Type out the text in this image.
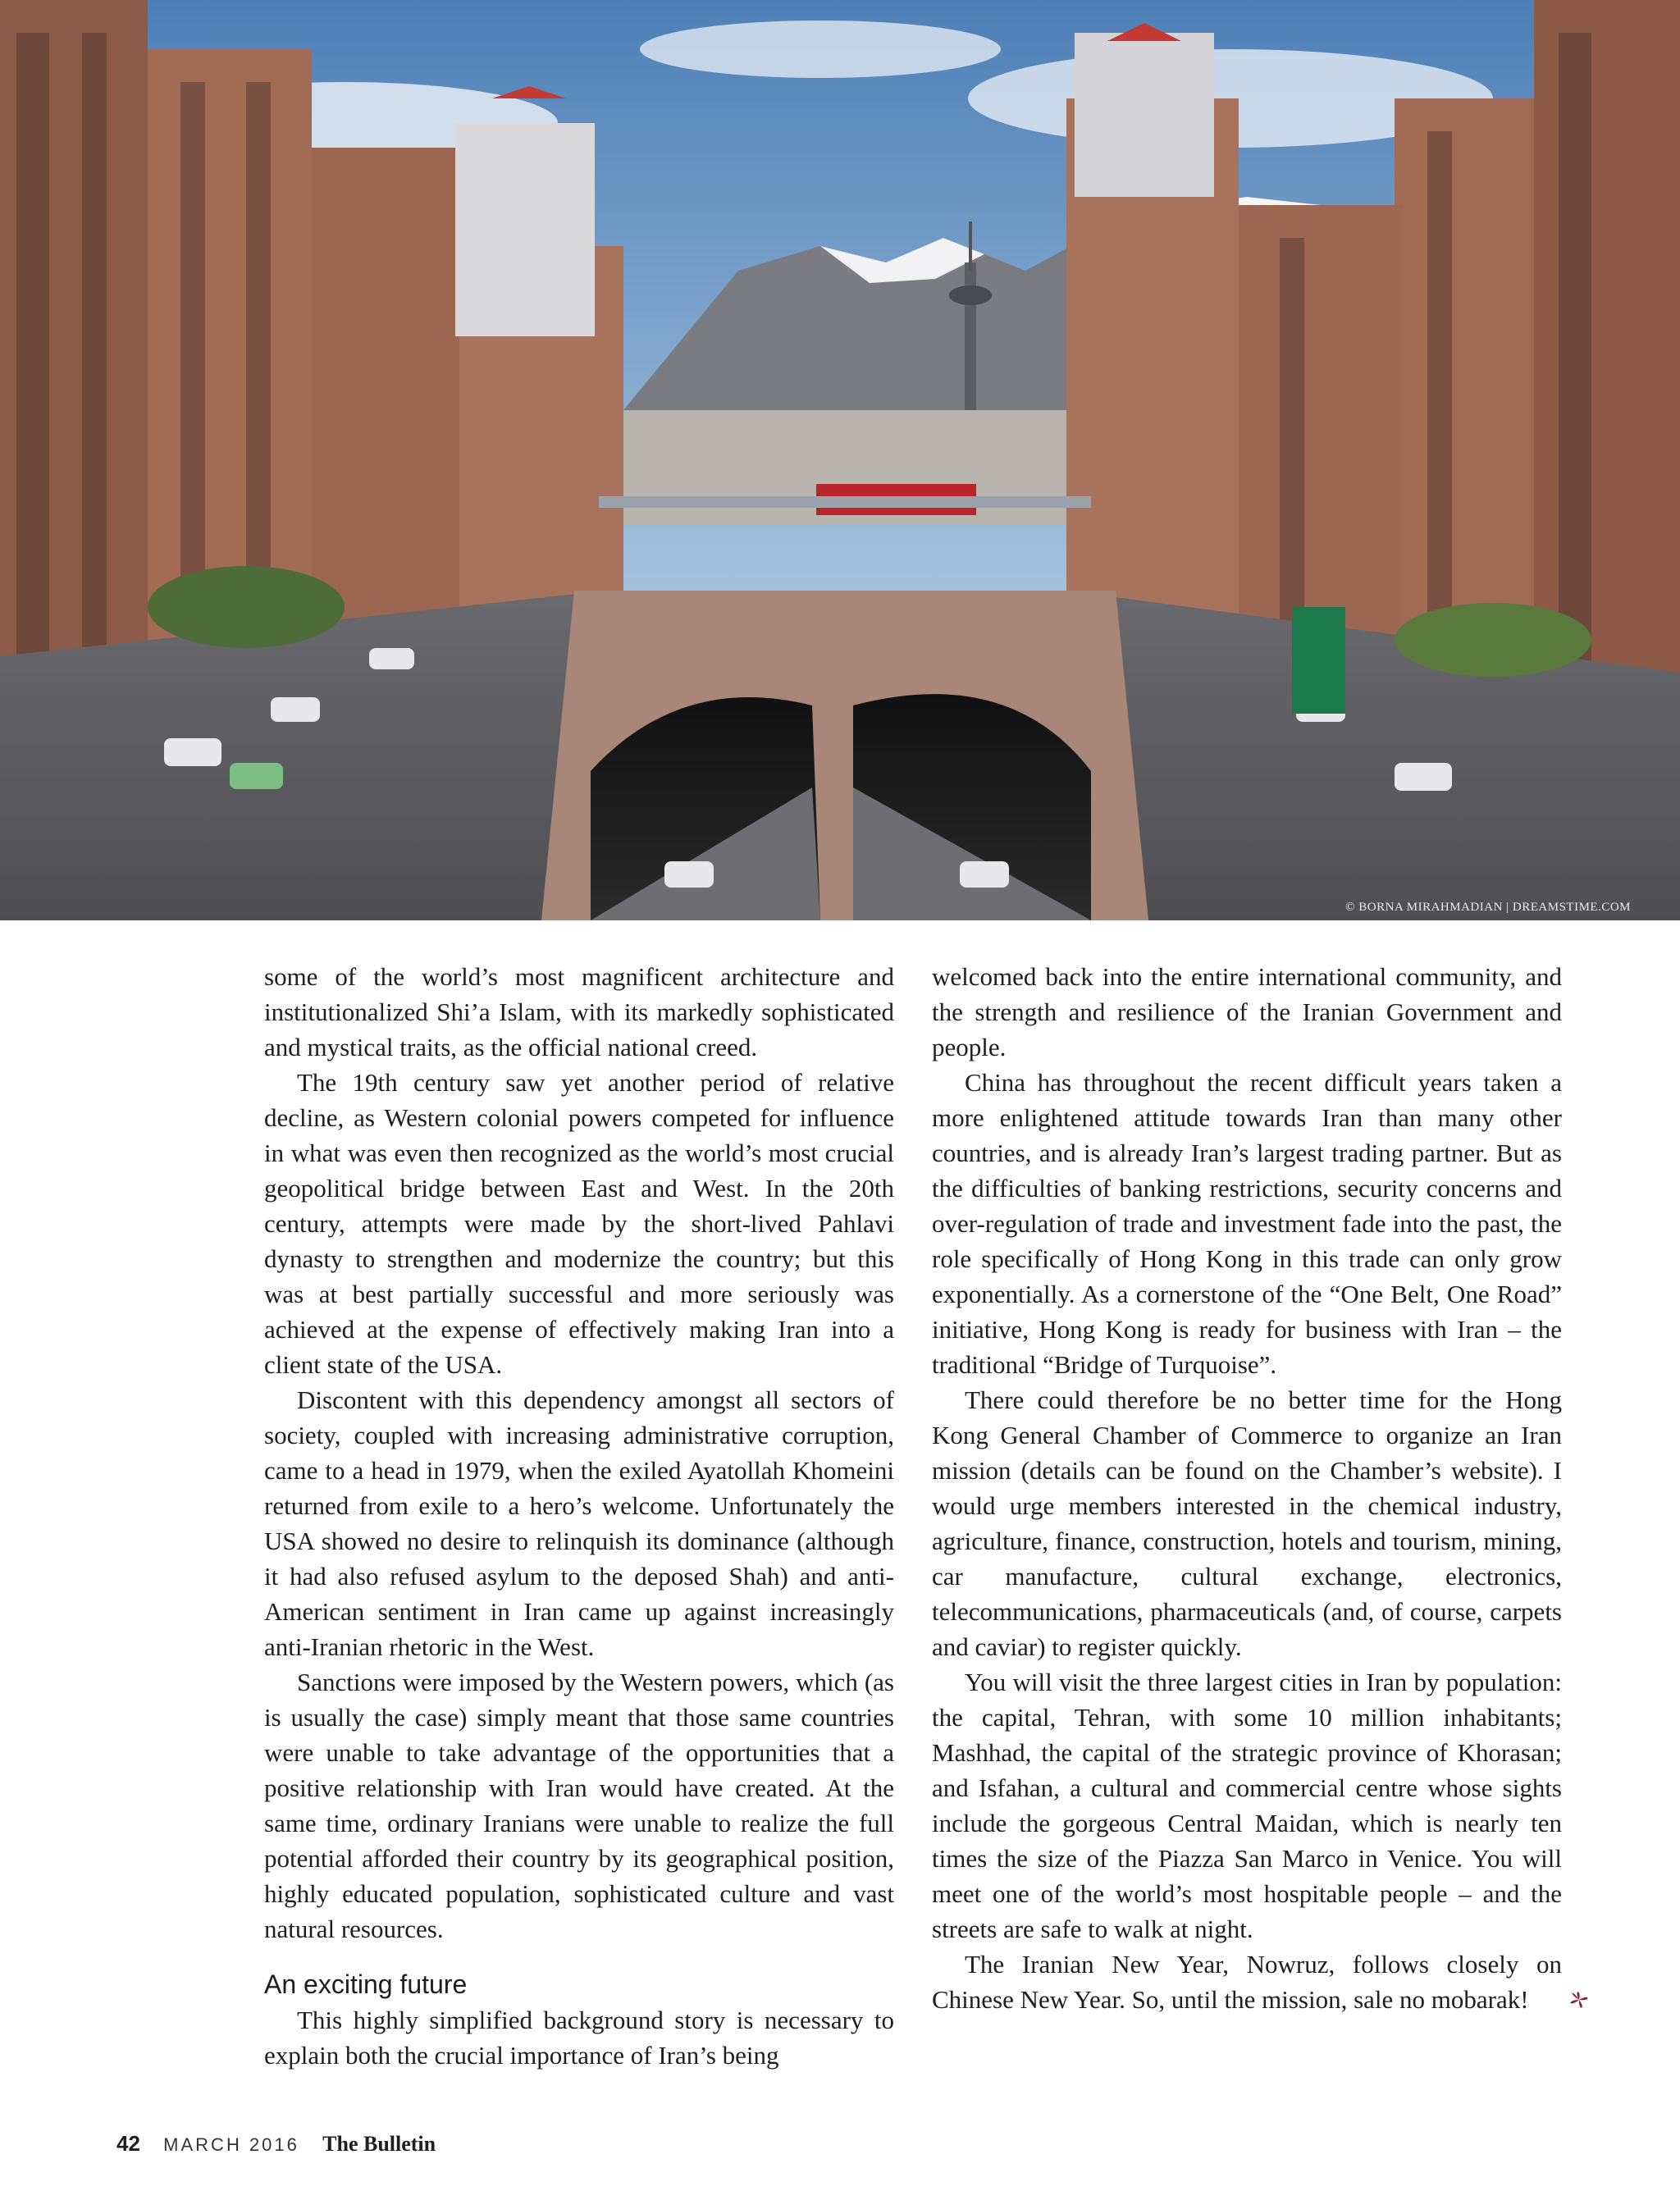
© BORNA MIRAHMADIAN | DREAMSTIME.COM

some of the world’s most magnificent architecture and institutionalized Shi’a Islam, with its markedly sophisticated and mystical traits, as the official national creed.

The 19th century saw yet another period of relative decline, as Western colonial powers competed for influence in what was even then recognized as the world’s most crucial geopolitical bridge between East and West. In the 20th century, attempts were made by the short-lived Pahlavi dynasty to strengthen and modernize the country; but this was at best partially successful and more seriously was achieved at the expense of effectively making Iran into a client state of the USA.

Discontent with this dependency amongst all sectors of society, coupled with increasing administrative corruption, came to a head in 1979, when the exiled Ayatollah Khomeini returned from exile to a hero’s welcome. Unfortunately the USA showed no desire to relinquish its dominance (although it had also refused asylum to the deposed Shah) and anti-American sentiment in Iran came up against increasingly anti-Iranian rhetoric in the West.

Sanctions were imposed by the Western powers, which (as is usually the case) simply meant that those same countries were unable to take advantage of the opportunities that a positive relationship with Iran would have created. At the same time, ordinary Iranians were unable to realize the full potential afforded their country by its geographical position, highly educated population, sophisticated culture and vast natural resources.

An exciting future

This highly simplified background story is necessary to explain both the crucial importance of Iran’s being

welcomed back into the entire international community, and the strength and resilience of the Iranian Government and people.

China has throughout the recent difficult years taken a more enlightened attitude towards Iran than many other countries, and is already Iran’s largest trading partner. But as the difficulties of banking restrictions, security concerns and over-regulation of trade and investment fade into the past, the role specifically of Hong Kong in this trade can only grow exponentially. As a cornerstone of the “One Belt, One Road” initiative, Hong Kong is ready for business with Iran – the traditional “Bridge of Turquoise”.

There could therefore be no better time for the Hong Kong General Chamber of Commerce to organize an Iran mission (details can be found on the Chamber’s website). I would urge members interested in the chemical industry, agriculture, finance, construction, hotels and tourism, mining, car manufacture, cultural exchange, electronics, telecommunications, pharmaceuticals (and, of course, carpets and caviar) to register quickly.

You will visit the three largest cities in Iran by population: the capital, Tehran, with some 10 million inhabitants; Mashhad, the capital of the strategic province of Khorasan; and Isfahan, a cultural and commercial centre whose sights include the gorgeous Central Maidan, which is nearly ten times the size of the Piazza San Marco in Venice. You will meet one of the world’s most hospitable people – and the streets are safe to walk at night.

The Iranian New Year, Nowruz, follows closely on Chinese New Year. So, until the mission, sale no mobarak!

42 MARCH 2016 The Bulletin
